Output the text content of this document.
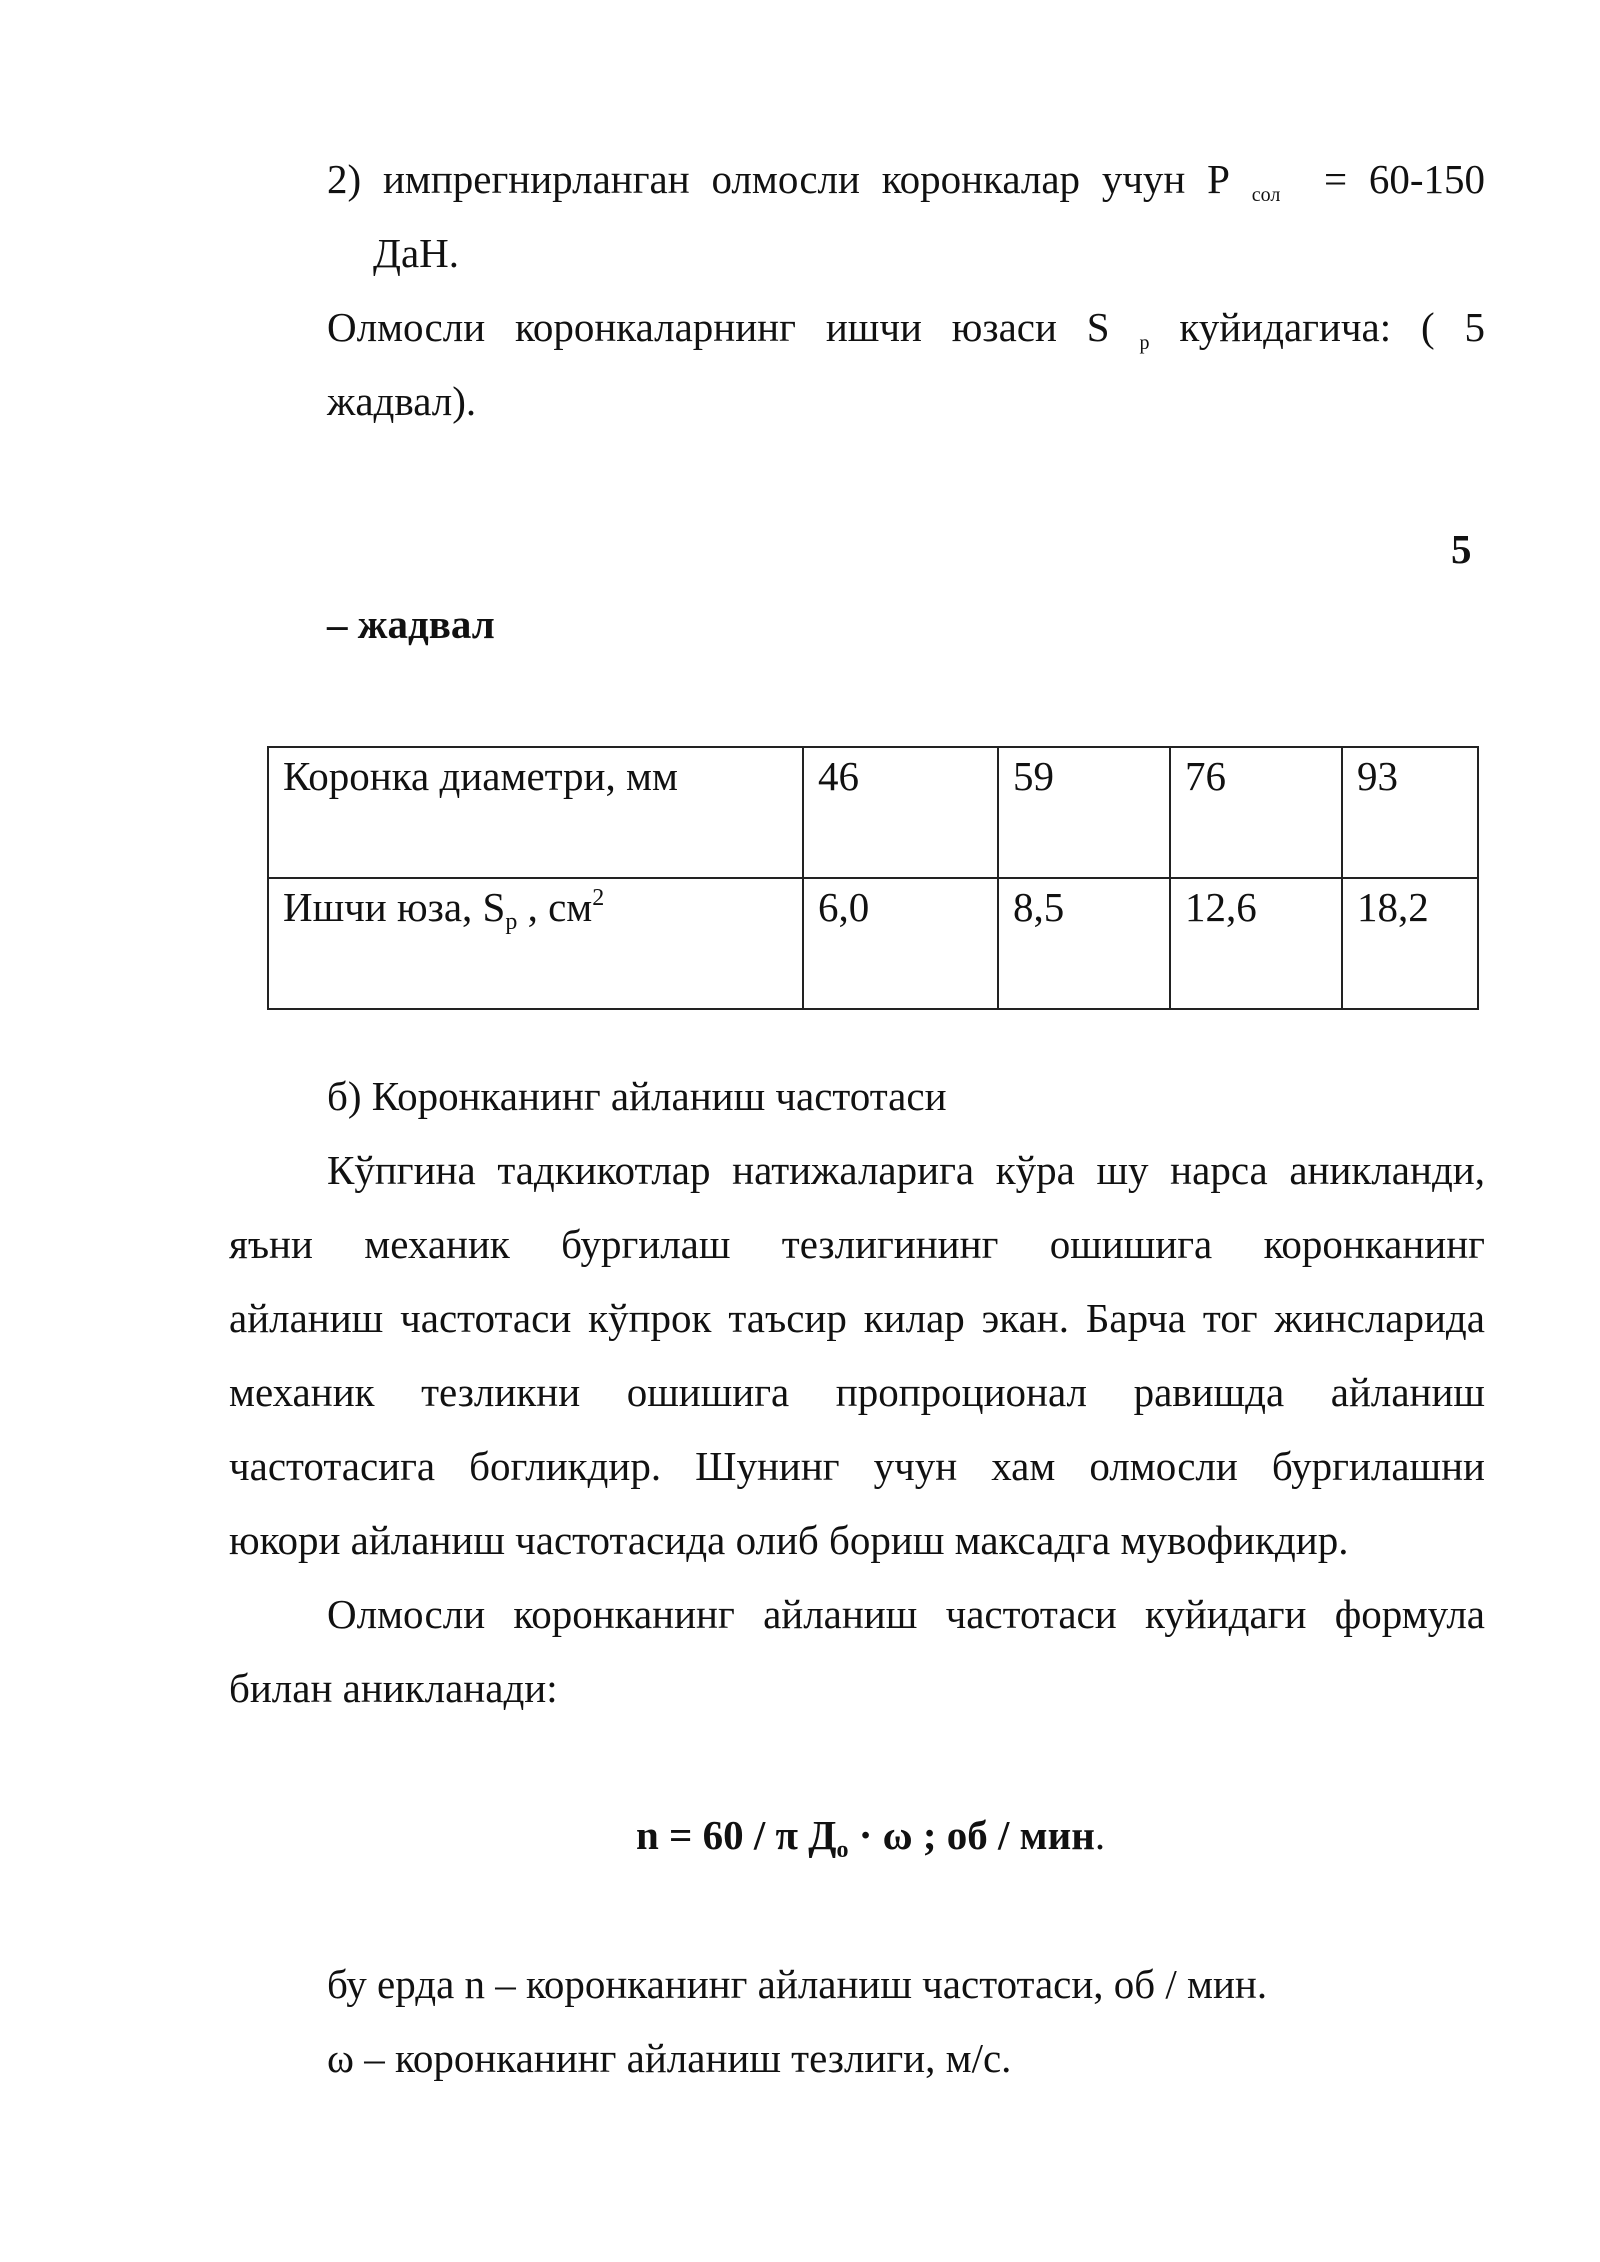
2) импрегнирланган олмосли коронкалар учун Р сол = 60-150
ДаН.
Олмосли коронкаларнинг ишчи юзаси S р куйидагича: ( 5
жадвал).
5
– жадвал
Коронка диаметри, мм	46	59	76	93
Ишчи юза, Sр , $см^2$	6,0	8,5	12,6	18,2
б) Коронканинг айланиш частотаси
Кўпгина тадкикотлар натижаларига кўра шу нарса аникланди,
яъни механик бургилаш тезлигининг ошишига коронканинг
айланиш частотаси кўпрок таъсир килар экан. Барча тог жинсларида
механик тезликни ошишига пропроционал равишда айланиш
частотасига богликдир. Шунинг учун хам олмосли бургилашни
юкори айланиш частотасида олиб бориш максадга мувофикдир.
Олмосли коронканинг айланиш частотаси куйидаги формула
билан аникланади:
n = 60 / π До · ω ; об / мин.
бу ерда n – коронканинг айланиш частотаси, об / мин.
ω – коронканинг айланиш тезлиги, м/с.
